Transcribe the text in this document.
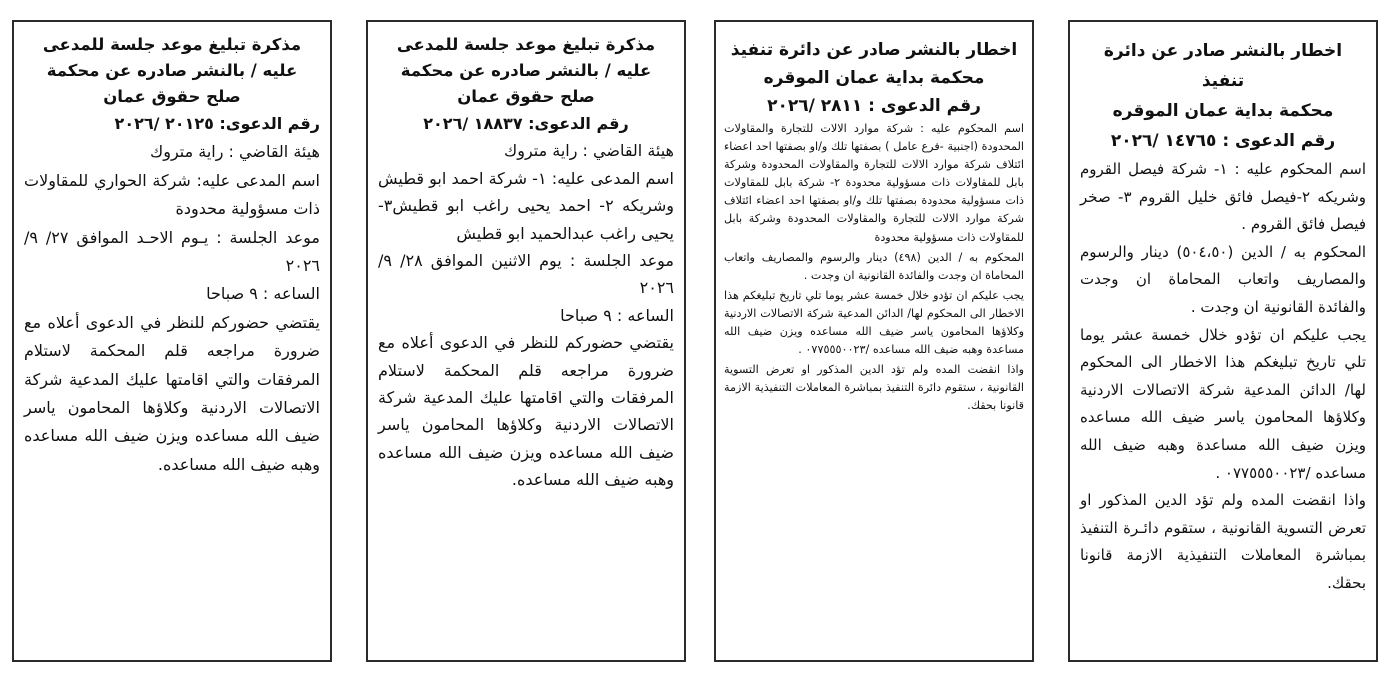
اخطار بالنشر صادر عن دائرة تنفيذ

محكمة بداية عمان الموقره

رقم الدعوى : ١٤٧٦٥ /٢٠٢٦

اسم المحكوم عليه : ١- شركة فيصل القروم وشريكه ٢-فيصل فائق خليل القروم ٣- صخر فيصل فائق القروم .

المحكوم به / الدين (٥٠٤،٥٠) دينار والرسوم والمصاريف واتعاب المحاماة ان وجدت والفائدة القانونية ان وجدت .

يجب عليكم ان تؤدو خلال خمسة عشر يوما تلي تاريخ تبليغكم هذا الاخطار الى المحكوم لها/ الدائن المدعية شركة الاتصالات الاردنية وكلاؤها المحامون ياسر ضيف الله مساعده ويزن ضيف الله مساعدة وهبه ضيف الله مساعده /٠٧٧٥٥٥٠٠٢٣ .

واذا انقضت المده ولم تؤد الدين المذكور او تعرض التسوية القانونية ، ستقوم دائـرة التنفيذ بمباشرة المعاملات التنفيذية الازمة قانونا بحقك.

اخطار بالنشر صادر عن دائرة تنفيذ

محكمة بداية عمان الموقره

رقم الدعوى : ٢٨١١ /٢٠٢٦

اسم المحكوم عليه : شركة موارد الالات للتجارة والمقاولات المحدودة (اجنبية -فرع عامل ) بصفتها تلك و/او بصفتها احد اعضاء ائتلاف شركة موارد الالات للتجارة والمقاولات المحدودة وشركة بابل للمقاولات ذات مسؤولية محدودة ٢- شركة بابل للمقاولات ذات مسؤولية محدودة بصفتها تلك و/او بصفتها احد اعضاء ائتلاف شركة موارد الالات للتجارة والمقاولات المحدودة وشركة بابل للمقاولات ذات مسؤولية محدودة

المحكوم به / الدين (٤٩٨) دينار والرسوم والمصاريف واتعاب المحاماة ان وجدت والفائدة القانونية ان وجدت .

يجب عليكم ان تؤدو خلال خمسة عشر يوما تلي تاريخ تبليغكم هذا الاخطار الى المحكوم لها/ الدائن المدعية شركة الاتصالات الاردنية وكلاؤها المحامون ياسر ضيف الله مساعده ويزن ضيف الله مساعدة وهبه ضيف الله مساعده /٠٧٧٥٥٥٠٠٢٣ .

واذا انقضت المده ولم تؤد الدين المذكور او تعرض التسوية القانونية ، ستقوم دائرة التنفيذ بمباشرة المعاملات التنفيذية الازمة قانونا بحقك.

مذكرة تبليغ موعد جلسة للمدعى

عليه / بالنشر صادره عن محكمة

صلح حقوق عمان

رقم الدعوى: ١٨٨٣٧ /٢٠٢٦

هيئة القاضي : راية متروك

اسم المدعى عليه: ١- شركة احمد ابو قطيش وشريكه ٢- احمد يحيى راغب ابو قطيش٣- يحيى راغب عبدالحميد ابو قطيش

موعد الجلسة : يوم الاثنين الموافق ٢٨/ ٩/ ٢٠٢٦

الساعه : ٩ صباحا

يقتضي حضوركم للنظر في الدعوى أعلاه مع ضرورة مراجعه قلم المحكمة لاستلام المرفقات والتي اقامتها عليك المدعية شركة الاتصالات الاردنية وكلاؤها المحامون ياسر ضيف الله مساعده ويزن ضيف الله مساعده وهبه ضيف الله مساعده.

مذكرة تبليغ موعد جلسة للمدعى

عليه / بالنشر صادره عن محكمة

صلح حقوق عمان

رقم الدعوى: ٢٠١٢٥ /٢٠٢٦

هيئة القاضي : راية متروك

اسم المدعى عليه: شركة الحواري للمقاولات ذات مسؤولية محدودة

موعد الجلسة : يـوم الاحـد الموافق ٢٧/ ٩/ ٢٠٢٦

الساعه : ٩ صباحا

يقتضي حضوركم للنظر في الدعوى أعلاه مع ضرورة مراجعه قلم المحكمة لاستلام المرفقات والتي اقامتها عليك المدعية شركة الاتصالات الاردنية وكلاؤها المحامون ياسر ضيف الله مساعده ويزن ضيف الله مساعده وهبه ضيف الله مساعده.
